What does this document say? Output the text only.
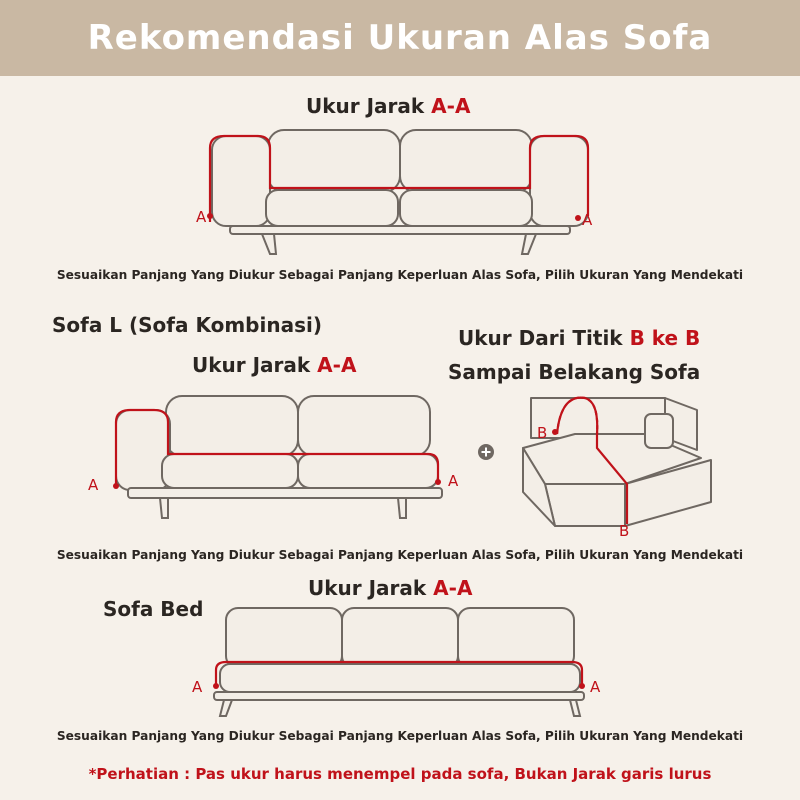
Rekomendasi Ukuran Alas Sofa
Ukur Jarak A-A
A	A
Sesuaikan Panjang Yang Diukur Sebagai Panjang Keperluan Alas Sofa, Pilih Ukuran Yang Mendekati
Sofa L (Sofa Kombinasi)
Ukur Jarak A-A
Ukur Dari Titik B ke B
Sampai Belakang Sofa
A	A
B
B
Sesuaikan Panjang Yang Diukur Sebagai Panjang Keperluan Alas Sofa, Pilih Ukuran Yang Mendekati
Ukur Jarak A-A
Sofa Bed
A	A
Sesuaikan Panjang Yang Diukur Sebagai Panjang Keperluan Alas Sofa, Pilih Ukuran Yang Mendekati
*Perhatian : Pas ukur harus menempel pada sofa, Bukan Jarak garis lurus
